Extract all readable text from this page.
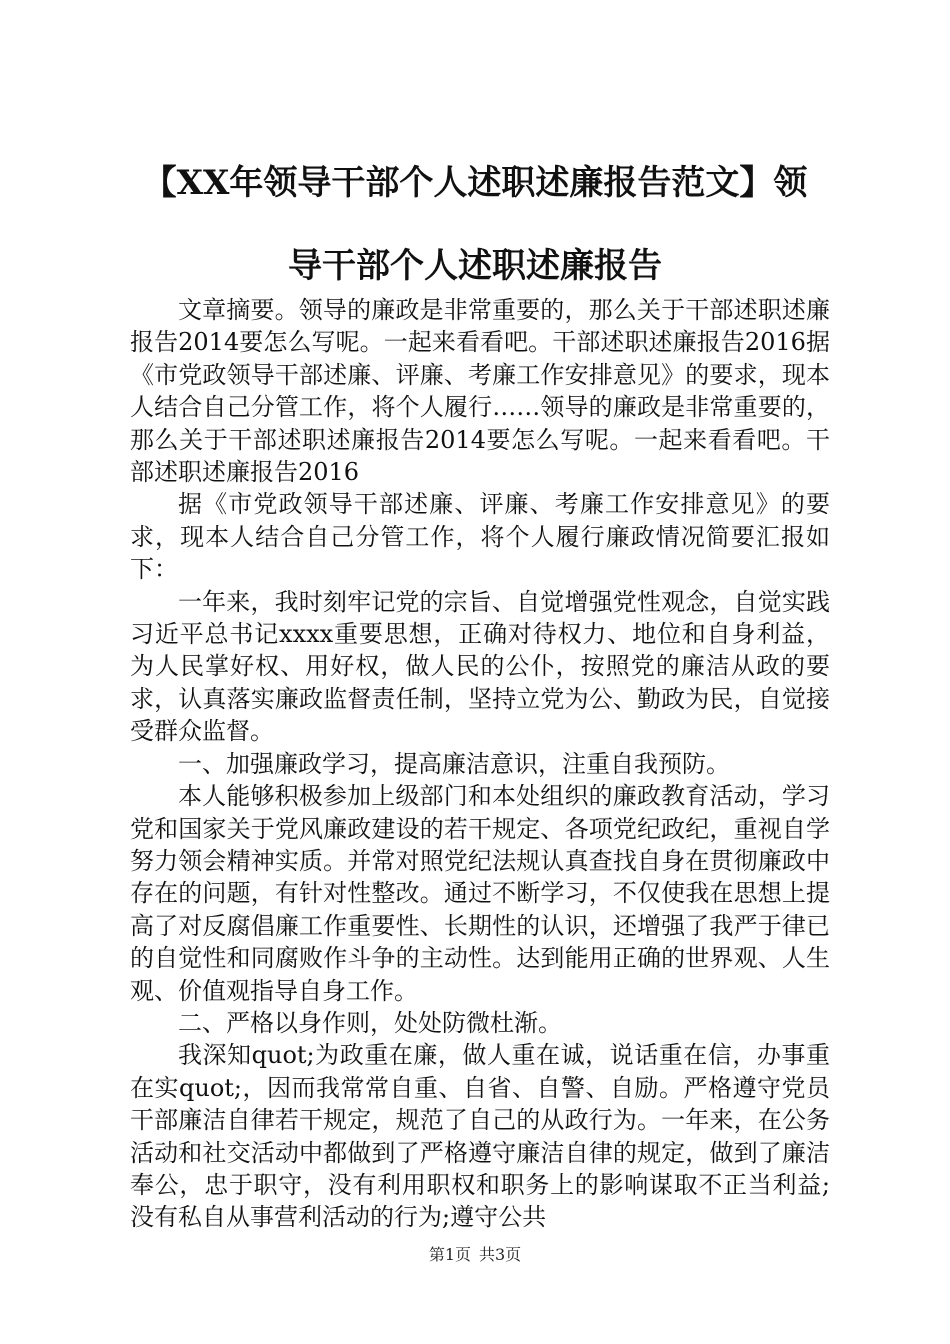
【XX年领导干部个人述职述廉报告范文】领
导干部个人述职述廉报告

文章摘要。领导的廉政是非常重要的，那么关于干部述职述廉报告2014要怎么写呢。一起来看看吧。干部述职述廉报告2016据《市党政领导干部述廉、评廉、考廉工作安排意见》的要求，现本人结合自己分管工作，将个人履行……领导的廉政是非常重要的，那么关于干部述职述廉报告2014要怎么写呢。一起来看看吧。干部述职述廉报告2016

据《市党政领导干部述廉、评廉、考廉工作安排意见》的要求，现本人结合自己分管工作，将个人履行廉政情况简要汇报如下：

一年来，我时刻牢记党的宗旨、自觉增强党性观念，自觉实践习近平总书记xxxx重要思想，正确对待权力、地位和自身利益，为人民掌好权、用好权，做人民的公仆，按照党的廉洁从政的要求，认真落实廉政监督责任制，坚持立党为公、勤政为民，自觉接受群众监督。

一、加强廉政学习，提高廉洁意识，注重自我预防。

本人能够积极参加上级部门和本处组织的廉政教育活动，学习党和国家关于党风廉政建设的若干规定、各项党纪政纪，重视自学努力领会精神实质。并常对照党纪法规认真查找自身在贯彻廉政中存在的问题，有针对性整改。通过不断学习，不仅使我在思想上提高了对反腐倡廉工作重要性、长期性的认识，还增强了我严于律已的自觉性和同腐败作斗争的主动性。达到能用正确的世界观、人生观、价值观指导自身工作。

二、严格以身作则，处处防微杜渐。

我深知quot;为政重在廉，做人重在诚，说话重在信，办事重在实quot;，因而我常常自重、自省、自警、自励。严格遵守党员干部廉洁自律若干规定，规范了自己的从政行为。一年来，在公务活动和社交活动中都做到了严格遵守廉洁自律的规定，做到了廉洁奉公，忠于职守，没有利用职权和职务上的影响谋取不正当利益;没有私自从事营利活动的行为;遵守公共

第1页 共3页
